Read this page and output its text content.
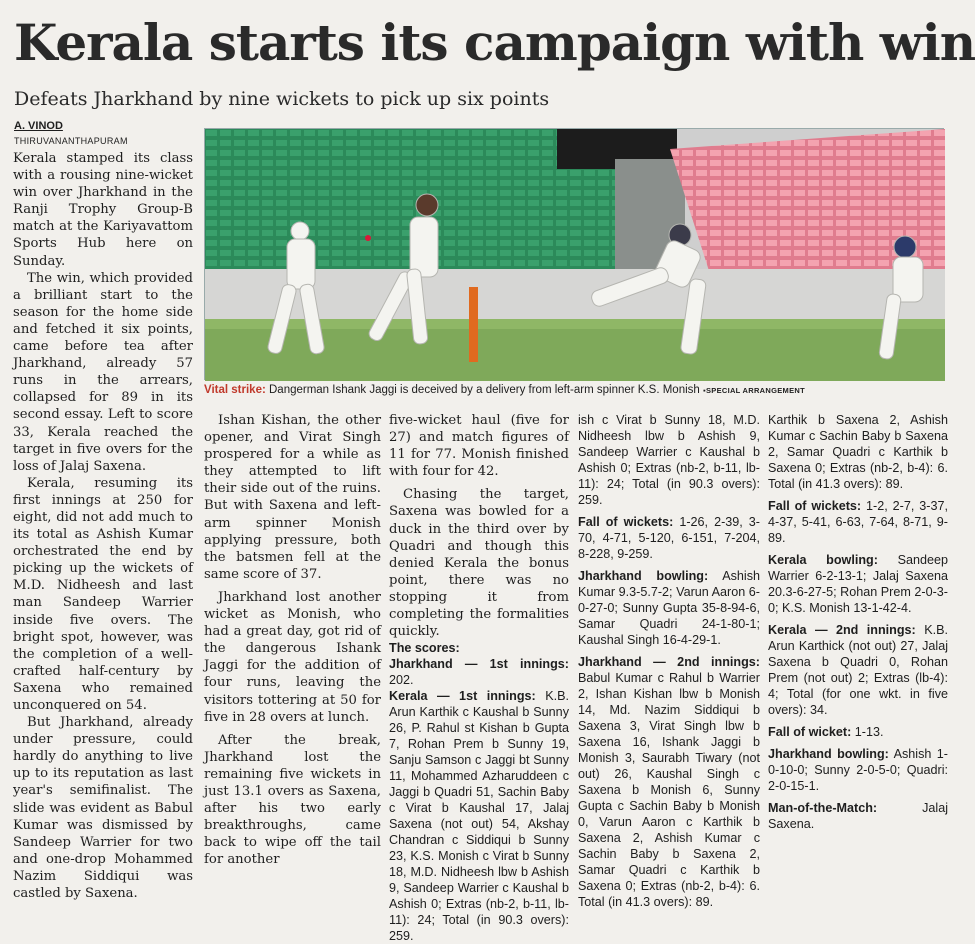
Kerala starts its campaign with win
Defeats Jharkhand by nine wickets to pick up six points
A. VINOD
THIRUVANANTHAPURAM

Kerala stamped its class with a rousing nine-wicket win over Jharkhand in the Ranji Trophy Group-B match at the Kariyavattom Sports Hub here on Sunday.

The win, which provided a brilliant start to the season for the home side and fetched it six points, came before tea after Jharkhand, already 57 runs in the arrears, collapsed for 89 in its second essay. Left to score 33, Kerala reached the target in five overs for the loss of Jalaj Saxena.

Kerala, resuming its first innings at 250 for eight, did not add much to its total as Ashish Kumar orchestrated the end by picking up the wickets of M.D. Nidheesh and last man Sandeep Warrier inside five overs. The bright spot, however, was the completion of a well-crafted half-century by Saxena who remained unconquered on 54.

But Jharkhand, already under pressure, could hardly do anything to live up to its reputation as last year's semifinalist. The slide was evident as Babul Kumar was dismissed by Sandeep Warrier for two and one-drop Mohammed Nazim Siddiqui was castled by Saxena.

Vital strike: Dangerman Ishank Jaggi is deceived by a delivery from left-arm spinner K.S. Monish ▪SPECIAL ARRANGEMENT

Ishan Kishan, the other opener, and Virat Singh prospered for a while as they attempted to lift their side out of the ruins. But with Saxena and left-arm spinner Monish applying pressure, both the batsmen fell at the same score of 37.

Jharkhand lost another wicket as Monish, who had a great day, got rid of the dangerous Ishank Jaggi for the addition of four runs, leaving the visitors tottering at 50 for five in 28 overs at lunch.

After the break, Jharkhand lost the remaining five wickets in just 13.1 overs as Saxena, after his two early breakthroughs, came back to wipe off the tail for another

five-wicket haul (five for 27) and match figures of 11 for 77. Monish finished with four for 42.

Chasing the target, Saxena was bowled for a duck in the third over by Quadri and though this denied Kerala the bonus point, there was no stopping it from completing the formalities quickly.

The scores:

Jharkhand — 1st innings: 202.

Kerala — 1st innings: K.B. Arun Karthik c Kaushal b Sunny 26, P. Rahul st Kishan b Gupta 7, Rohan Prem b Sunny 19, Sanju Samson c Jaggi bt Sunny 11, Mohammed Azharuddeen c Jaggi b Quadri 51, Sachin Baby c Virat b Kaushal 17, Jalaj Saxena (not out) 54, Akshay Chandran c Siddiqui b Sunny 23, K.S. Monish c Virat b Sunny 18, M.D. Nidheesh lbw b Ashish 9, Sandeep Warrier c Kaushal b Ashish 0; Extras (nb-2, b-11, lb-11): 24; Total (in 90.3 overs): 259.

ish c Virat b Sunny 18, M.D. Nidheesh lbw b Ashish 9, Sandeep Warrier c Kaushal b Ashish 0; Extras (nb-2, b-11, lb-11): 24; Total (in 90.3 overs): 259.

Fall of wickets: 1-26, 2-39, 3-70, 4-71, 5-120, 6-151, 7-204, 8-228, 9-259.

Jharkhand bowling: Ashish Kumar 9.3-5.7-2; Varun Aaron 6-0-27-0; Sunny Gupta 35-8-94-6, Samar Quadri 24-1-80-1; Kaushal Singh 16-4-29-1.

Jharkhand — 2nd innings: Babul Kumar c Rahul b Warrier 2, Ishan Kishan lbw b Monish 14, Md. Nazim Siddiqui b Saxena 3, Virat Singh lbw b Saxena 16, Ishank Jaggi b Monish 3, Saurabh Tiwary (not out) 26, Kaushal Singh c Saxena b Monish 6, Sunny Gupta c Sachin Baby b Monish 0, Varun Aaron c Karthik b Saxena 2, Ashish Kumar c Sachin Baby b Saxena 2, Samar Quadri c Karthik b Saxena 0; Extras (nb-2, b-4): 6. Total (in 41.3 overs): 89.

Karthik b Saxena 2, Ashish Kumar c Sachin Baby b Saxena 2, Samar Quadri c Karthik b Saxena 0; Extras (nb-2, b-4): 6. Total (in 41.3 overs): 89.

Fall of wickets: 1-2, 2-7, 3-37, 4-37, 5-41, 6-63, 7-64, 8-71, 9-89.

Kerala bowling: Sandeep Warrier 6-2-13-1; Jalaj Saxena 20.3-6-27-5; Rohan Prem 2-0-3-0; K.S. Monish 13-1-42-4.

Kerala — 2nd innings: K.B. Arun Karthick (not out) 27, Jalaj Saxena b Quadri 0, Rohan Prem (not out) 2; Extras (lb-4): 4; Total (for one wkt. in five overs): 34.

Fall of wicket: 1-13.

Jharkhand bowling: Ashish 1-0-10-0; Sunny 2-0-5-0; Quadri: 2-0-15-1.

Man-of-the-Match: Jalaj Saxena.
